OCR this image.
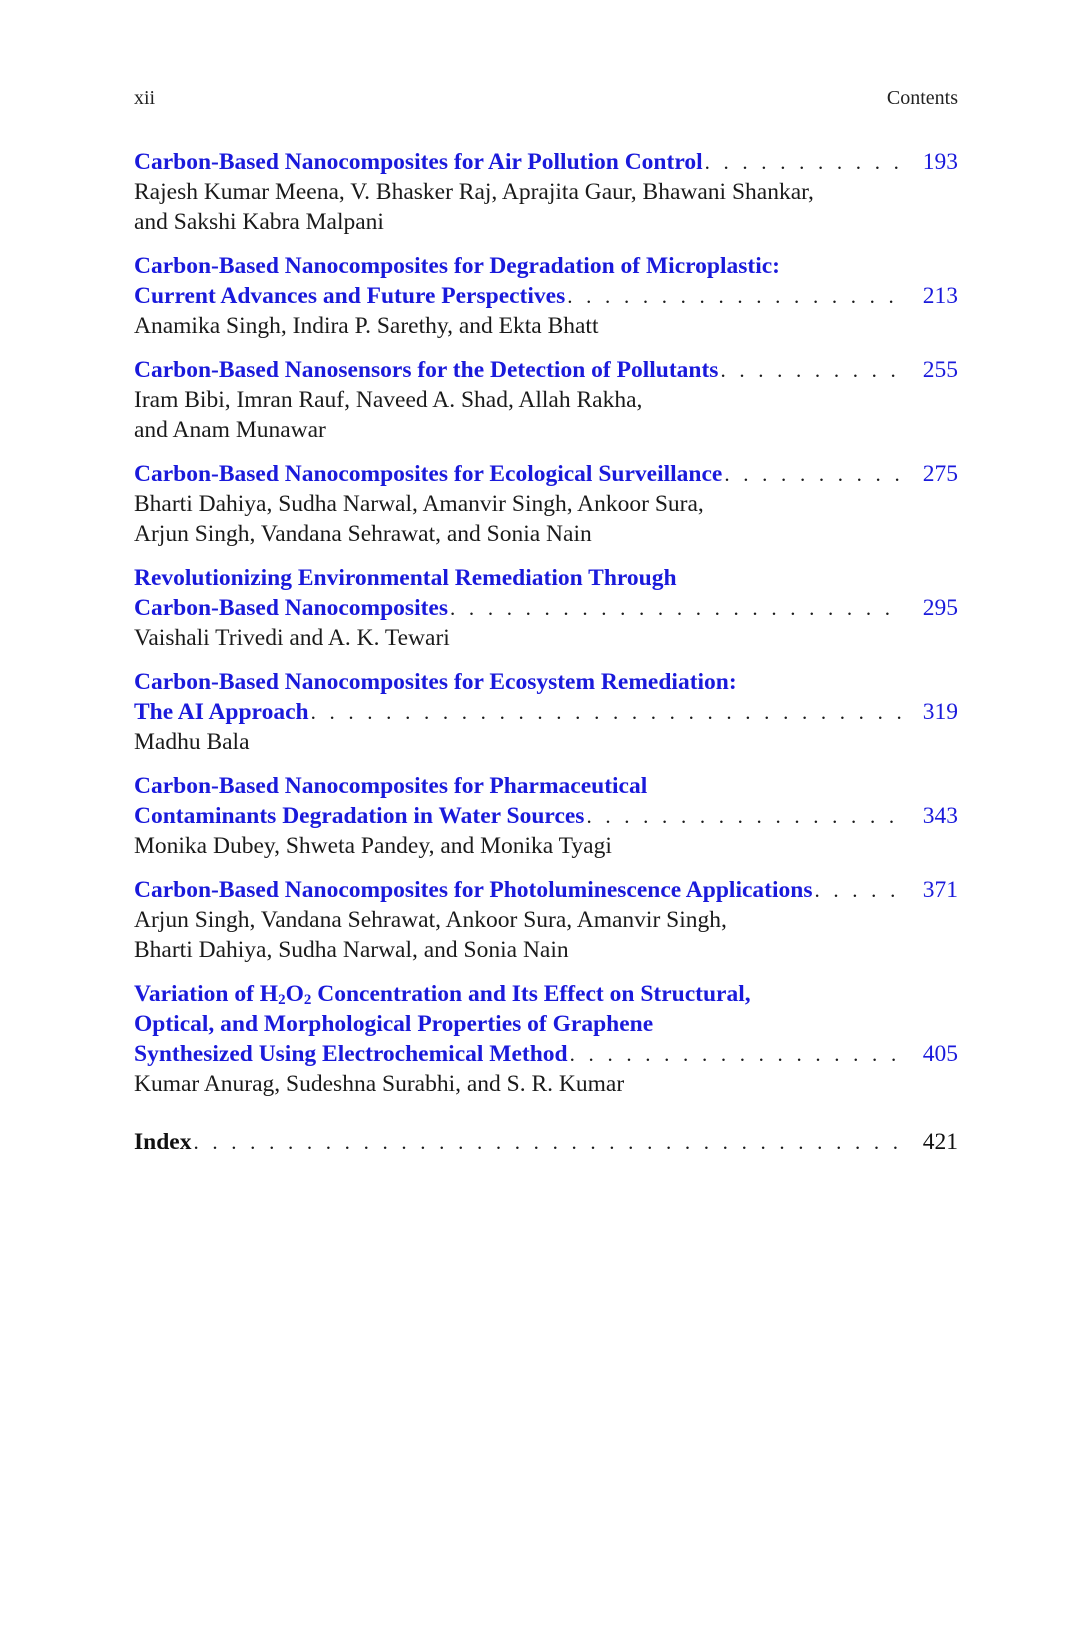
xii	Contents
Carbon-Based Nanocomposites for Air Pollution Control . . .	193
Rajesh Kumar Meena, V. Bhasker Raj, Aprajita Gaur, Bhawani Shankar,
and Sakshi Kabra Malpani
Carbon-Based Nanocomposites for Degradation of Microplastic:
Current Advances and Future Perspectives . . .	213
Anamika Singh, Indira P. Sarethy, and Ekta Bhatt
Carbon-Based Nanosensors for the Detection of Pollutants . . .	255
Iram Bibi, Imran Rauf, Naveed A. Shad, Allah Rakha,
and Anam Munawar
Carbon-Based Nanocomposites for Ecological Surveillance . . .	275
Bharti Dahiya, Sudha Narwal, Amanvir Singh, Ankoor Sura,
Arjun Singh, Vandana Sehrawat, and Sonia Nain
Revolutionizing Environmental Remediation Through
Carbon-Based Nanocomposites . . .	295
Vaishali Trivedi and A. K. Tewari
Carbon-Based Nanocomposites for Ecosystem Remediation:
The AI Approach . . .	319
Madhu Bala
Carbon-Based Nanocomposites for Pharmaceutical
Contaminants Degradation in Water Sources . . .	343
Monika Dubey, Shweta Pandey, and Monika Tyagi
Carbon-Based Nanocomposites for Photoluminescence Applications . . .	371
Arjun Singh, Vandana Sehrawat, Ankoor Sura, Amanvir Singh,
Bharti Dahiya, Sudha Narwal, and Sonia Nain
Variation of $H_2O_2$ Concentration and Its Effect on Structural,
Optical, and Morphological Properties of Graphene
Synthesized Using Electrochemical Method . . .	405
Kumar Anurag, Sudeshna Surabhi, and S. R. Kumar
Index . . .	421
